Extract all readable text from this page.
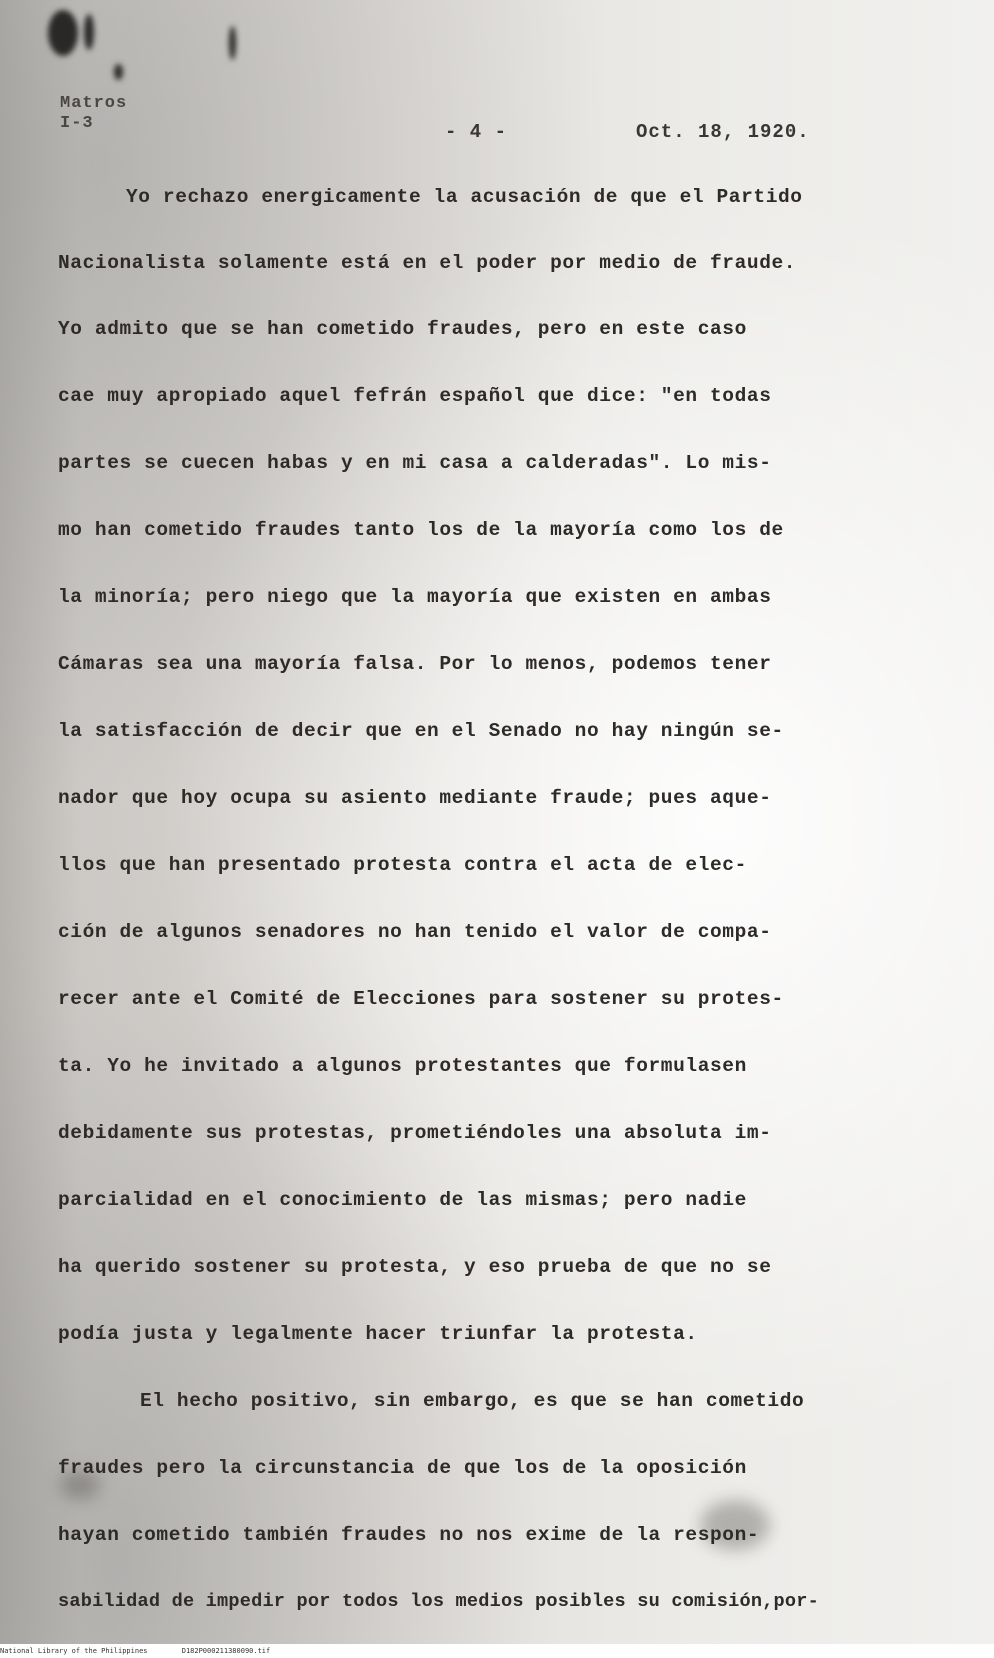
Matros
I-3	- 4 -	Oct. 18, 1920.
Yo rechazo energicamente la acusación de que el Partido
Nacionalista solamente está en el poder por medio de fraude.
Yo admito que se han cometido fraudes, pero en este caso
cae muy apropiado aquel fefrán español que dice: "en todas
partes se cuecen habas y en mi casa a calderadas". Lo mis-
mo han cometido fraudes tanto los de la mayoría como los de
la minoría; pero niego que la mayoría que existen en ambas
Cámaras sea una mayoría falsa. Por lo menos, podemos tener
la satisfacción de decir que en el Senado no hay ningún se-
nador que hoy ocupa su asiento mediante fraude; pues aque-
llos que han presentado protesta contra el acta de elec-
ción de algunos senadores no han tenido el valor de compa-
recer ante el Comité de Elecciones para sostener su protes-
ta. Yo he invitado a algunos protestantes que formulasen
debidamente sus protestas, prometiéndoles una absoluta im-
parcialidad en el conocimiento de las mismas; pero nadie
ha querido sostener su protesta, y eso prueba de que no se
podía justa y legalmente hacer triunfar la protesta.
El hecho positivo, sin embargo, es que se han cometido
fraudes pero la circunstancia de que los de la oposición
hayan cometido también fraudes no nos exime de la respon-
sabilidad de impedir por todos los medios posibles su comisión,por-
National Library of the Philippines	D182P000211380090.tif
